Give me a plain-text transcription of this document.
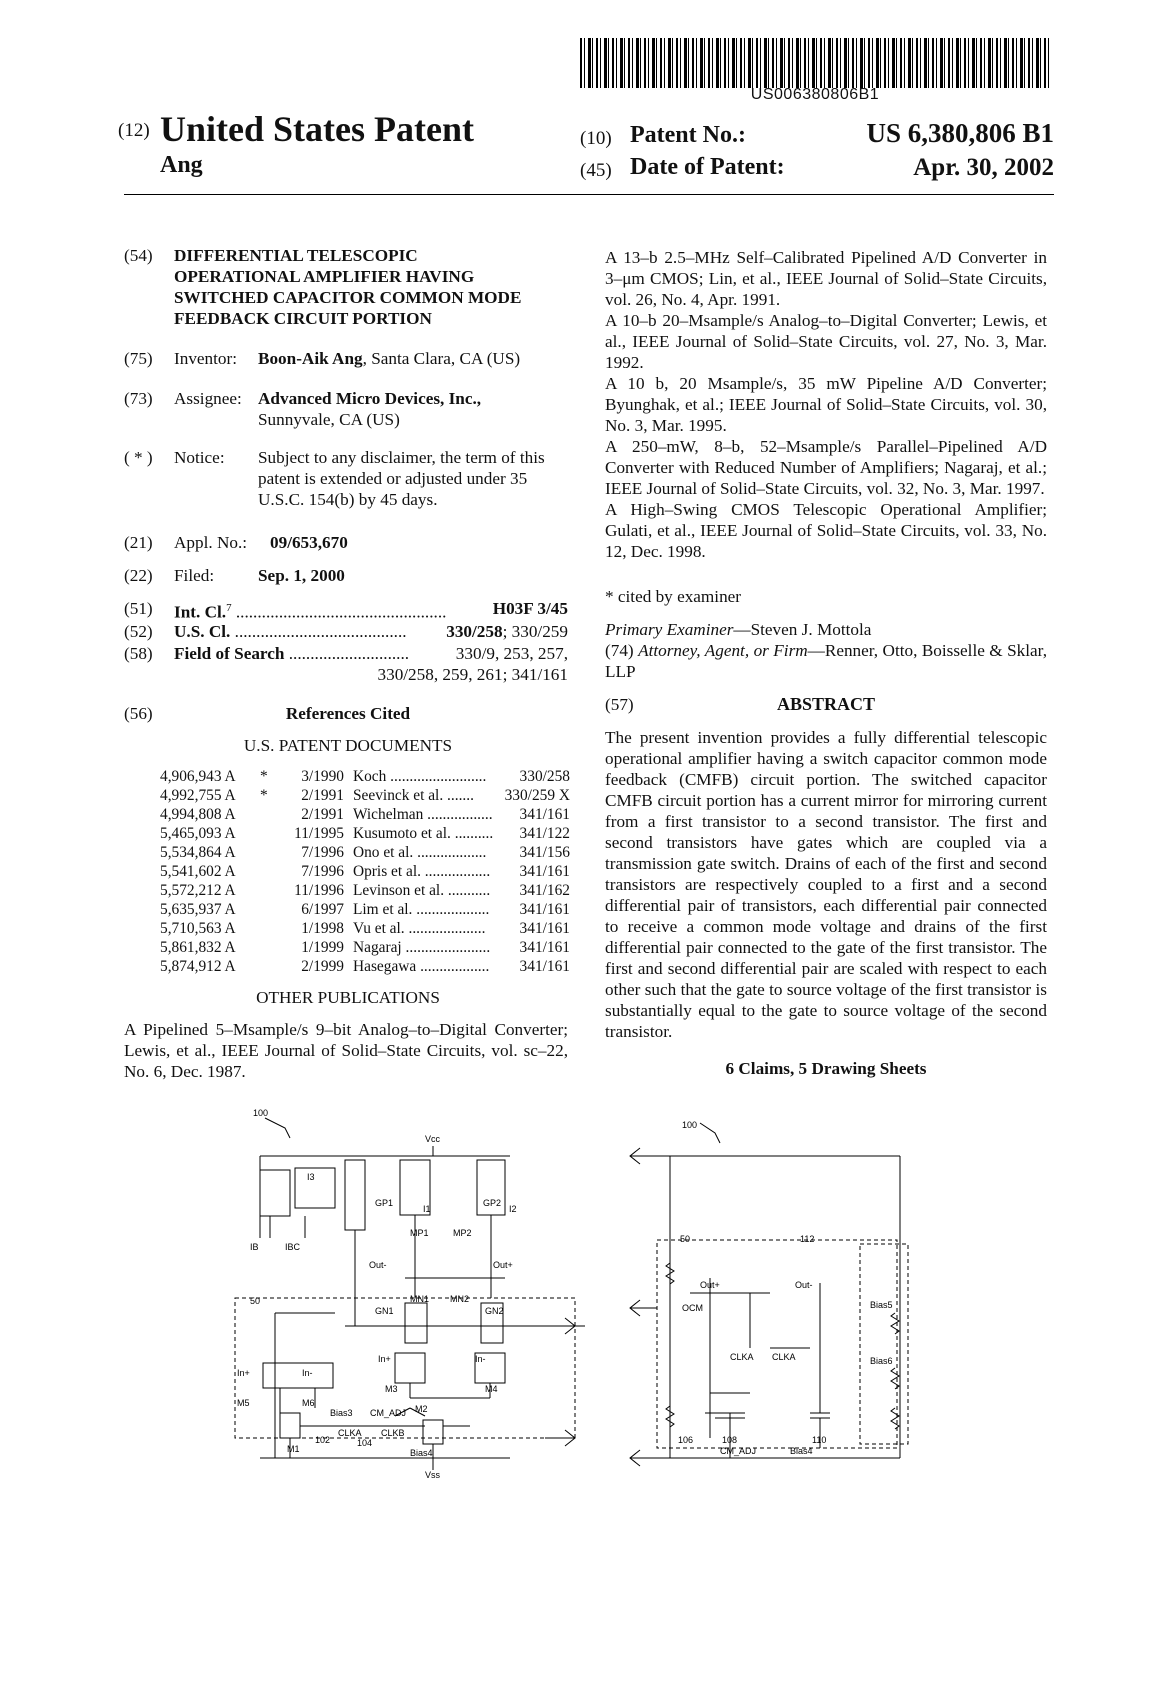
US006380806B1
(12) United States Patent
Ang
(10) Patent No.:	US 6,380,806 B1
(45) Date of Patent:	Apr. 30, 2002
(54) DIFFERENTIAL TELESCOPIC
OPERATIONAL AMPLIFIER HAVING
SWITCHED CAPACITOR COMMON MODE
FEEDBACK CIRCUIT PORTION
(75) Inventor: Boon-Aik Ang, Santa Clara, CA (US)
(73) Assignee: Advanced Micro Devices, Inc.,
Sunnyvale, CA (US)
( * ) Notice: Subject to any disclaimer, the term of this
patent is extended or adjusted under 35
U.S.C. 154(b) by 45 days.
(21) Appl. No.: 09/653,670
(22) Filed:	Sep. 1, 2000
(51) Int. Cl.$^7$ .................................................	H03F 3/45
(52) U.S. Cl. ........................................	330/258; 330/259
(58) Field of Search ............................	330/9, 253, 257,
330/258, 259, 261; 341/161
(56)	References Cited
U.S. PATENT DOCUMENTS
4,906,943 A *	3/1990 Koch .........................	330/258
4,992,755 A *	2/1991 Seevinck et al. .......	330/259 X
4,994,808 A	2/1991 Wichelman .................	341/161
5,465,093 A	11/1995 Kusumoto et al. ..........	341/122
5,534,864 A	7/1996 Ono et al. ..................	341/156
5,541,602 A	7/1996 Opris et al. .................	341/161
5,572,212 A	11/1996 Levinson et al. ...........	341/162
5,635,937 A	6/1997 Lim et al. ...................	341/161
5,710,563 A	1/1998 Vu et al. ....................	341/161
5,861,832 A	1/1999 Nagaraj ......................	341/161
5,874,912 A	2/1999 Hasegawa ..................	341/161
OTHER PUBLICATIONS
A Pipelined 5–Msample/s 9–bit Analog–to–Digital Converter; Lewis, et al., IEEE Journal of Solid–State Circuits, vol. sc–22, No. 6, Dec. 1987.

A 13–b 2.5–MHz Self–Calibrated Pipelined A/D Converter in 3–μm CMOS; Lin, et al., IEEE Journal of Solid–State Circuits, vol. 26, No. 4, Apr. 1991.

A 10–b 20–Msample/s Analog–to–Digital Converter; Lewis, et al., IEEE Journal of Solid–State Circuits, vol. 27, No. 3, Mar. 1992.

A 10 b, 20 Msample/s, 35 mW Pipeline A/D Converter; Byunghak, et al.; IEEE Journal of Solid–State Circuits, vol. 30, No. 3, Mar. 1995.

A 250–mW, 8–b, 52–Msample/s Parallel–Pipelined A/D Converter with Reduced Number of Amplifiers; Nagaraj, et al.; IEEE Journal of Solid–State Circuits, vol. 32, No. 3, Mar. 1997.

A High–Swing CMOS Telescopic Operational Amplifier; Gulati, et al., IEEE Journal of Solid–State Circuits, vol. 33, No. 12, Dec. 1998.

* cited by examiner
Primary Examiner—Steven J. Mottola
(74) Attorney, Agent, or Firm—Renner, Otto, Boisselle & Sklar, LLP
(57)	ABSTRACT
The present invention provides a fully differential telescopic operational amplifier having a switch capacitor common mode feedback (CMFB) circuit portion. The switched capacitor CMFB circuit portion has a current mirror for mirroring current from a first transistor to a second transistor. The first and second transistors have gates which are coupled via a transmission gate switch. Drains of each of the first and second transistors are respectively coupled to a first and a second differential pair of transistors, each differential pair connected to receive a common mode voltage and drains of the first differential pair connected to the gate of the first transistor. The first and second differential pair are scaled with respect to each other such that the gate to source voltage of the first transistor is substantially equal to the gate to source voltage of the second transistor.
6 Claims, 5 Drawing Sheets
100
Vcc
I3
GP1
I1
GP2
I2
IB	IBC
MP1	MP2
Out-	Out+
50	MN1 MN2
GN1	GN2
In+	In-
In+	In-
M5	M6
M3	M4
Bias3 CM_ADJ M2
CLKA CLKB
102	104
M1	Bias4
Vss
100
50	112
Out+	Out-
OCM
CLKA CLKA
Bias5
Bias6
106	108	110
CM_ADJ	Bias4
